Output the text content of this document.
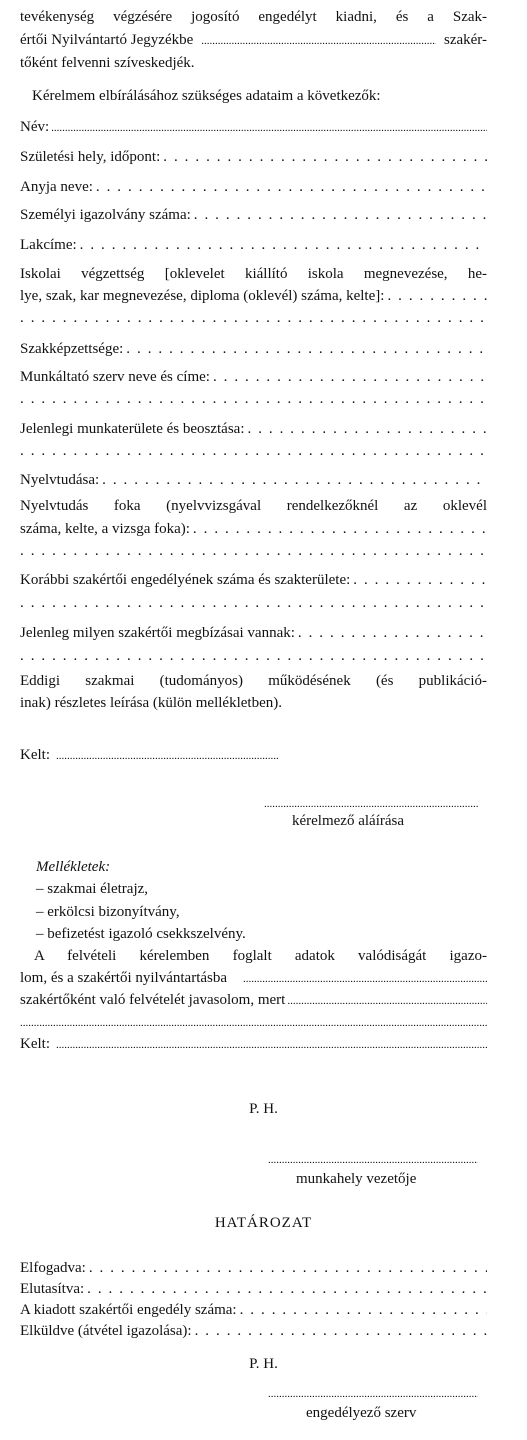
tevékenység végzésére jogosító engedélyt kiadni, és a Szak-
értői Nyilvántartó Jegyzékbe
.....	szakér-
tőként felvenni szíveskedjék.
Kérelmem elbírálásához szükséges adataim a következők:
Név:
.....
Születési hely, időpont:
. . .
Anyja neve:
. . .
Személyi igazolvány száma:
. . .
Lakcíme:
. . .
Iskolai végzettség [oklevelet kiállító iskola megnevezése, he-
lye, szak, kar megnevezése, diploma (oklevél) száma, kelte]:
. . .
. . .
Szakképzettsége:
. . .
Munkáltató szerv neve és címe:
. . .
. . .
Jelenlegi munkaterülete és beosztása:
. . .
. . .
Nyelvtudása:
. . .
Nyelvtudás foka (nyelvvizsgával rendelkezőknél az oklevél
száma, kelte, a vizsga foka):
. . .
. . .
Korábbi szakértői engedélyének száma és szakterülete:
. . .
. . .
Jelenleg milyen szakértői megbízásai vannak:
. . .
. . .
Eddigi szakmai (tudományos) működésének (és publikáció-
inak) részletes leírása (külön mellékletben).
Kelt:
.....
.....
kérelmező aláírása
Mellékletek:
– szakmai életrajz,
– erkölcsi bizonyítvány,
– befizetést igazoló csekkszelvény.
A felvételi kérelemben foglalt adatok valódiságát igazo-
lom, és a szakértői nyilvántartásba
.....
szakértőként való felvételét javasolom, mert
.....
.....
Kelt:
.....
P. H.
.....
munkahely vezetője
HATÁROZAT
Elfogadva:
. . .
Elutasítva:
. . .
A kiadott szakértői engedély száma:
. . .
Elküldve (átvétel igazolása):
. . .
P. H.
.....
engedélyező szerv
